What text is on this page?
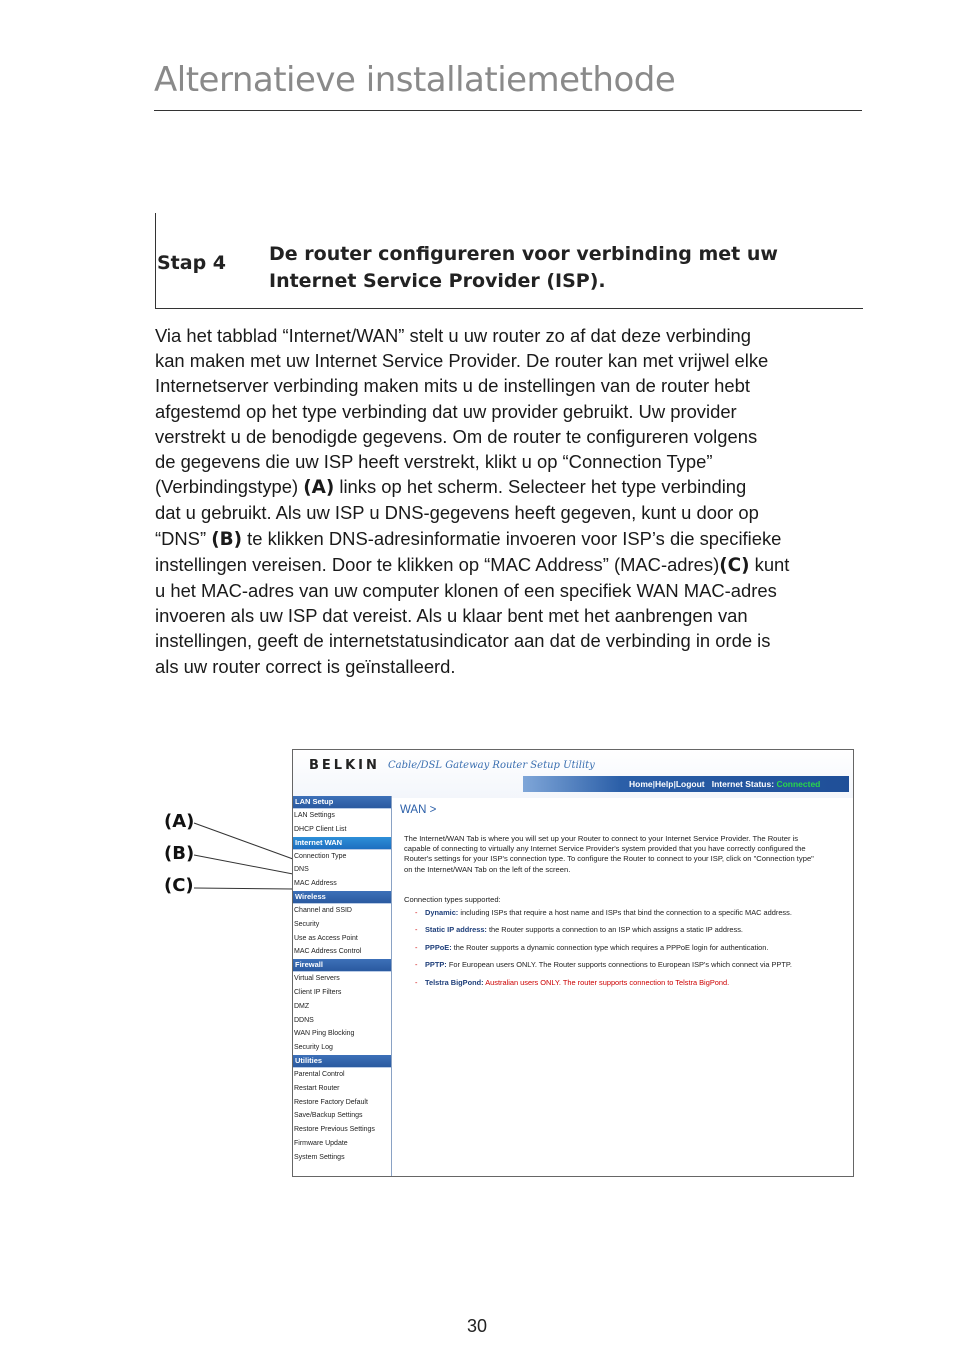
Alternatieve installatiemethode
Stap 4 De router configureren voor verbinding met uw
Internet Service Provider (ISP).
Via het tabblad “Internet/WAN” stelt u uw router zo af dat deze verbinding
kan maken met uw Internet Service Provider. De router kan met vrijwel elke
Internetserver verbinding maken mits u de instellingen van de router hebt
afgestemd op het type verbinding dat uw provider gebruikt. Uw provider
verstrekt u de benodigde gegevens. Om de router te configureren volgens
de gegevens die uw ISP heeft verstrekt, klikt u op “Connection Type”
(Verbindingstype) (A) links op het scherm. Selecteer het type verbinding
dat u gebruikt. Als uw ISP u DNS-gegevens heeft gegeven, kunt u door op
“DNS” (B) te klikken DNS-adresinformatie invoeren voor ISP’s die specifieke
instellingen vereisen. Door te klikken op “MAC Address” (MAC-adres)(C) kunt
u het MAC-adres van uw computer klonen of een specifiek WAN MAC-adres
invoeren als uw ISP dat vereist. Als u klaar bent met het aanbrengen van
instellingen, geeft de internetstatusindicator aan dat de verbinding in orde is
als uw router correct is geïnstalleerd.
(A)
(B)
(C)
BELKIN Cable/DSL Gateway Router Setup Utility
Home|Help|Logout Internet Status: Connected
LAN Setup
LAN Settings
DHCP Client List
Internet WAN
Connection Type
DNS
MAC Address
Wireless
Channel and SSID
Security
Use as Access Point
MAC Address Control
Firewall
Virtual Servers
Client IP Filters
DMZ
DDNS
WAN Ping Blocking
Security Log
Utilities
Parental Control
Restart Router
Restore Factory Default
Save/Backup Settings
Restore Previous Settings
Firmware Update
System Settings
WAN >
The Internet/WAN Tab is where you will set up your Router to connect to your Internet Service Provider. The Router is capable of connecting to virtually any Internet Service Provider's system provided that you have correctly configured the Router's settings for your ISP's connection type. To configure the Router to connect to your ISP, click on "Connection type" on the Internet/WAN Tab on the left of the screen.
Connection types supported:
- Dynamic: including ISPs that require a host name and ISPs that bind the connection to a specific MAC address.
- Static IP address: the Router supports a connection to an ISP which assigns a static IP address.
- PPPoE: the Router supports a dynamic connection type which requires a PPPoE login for authentication.
- PPTP: For European users ONLY. The Router supports connections to European ISP's which connect via PPTP.
- Telstra BigPond: Australian users ONLY. The router supports connection to Telstra BigPond.
30
